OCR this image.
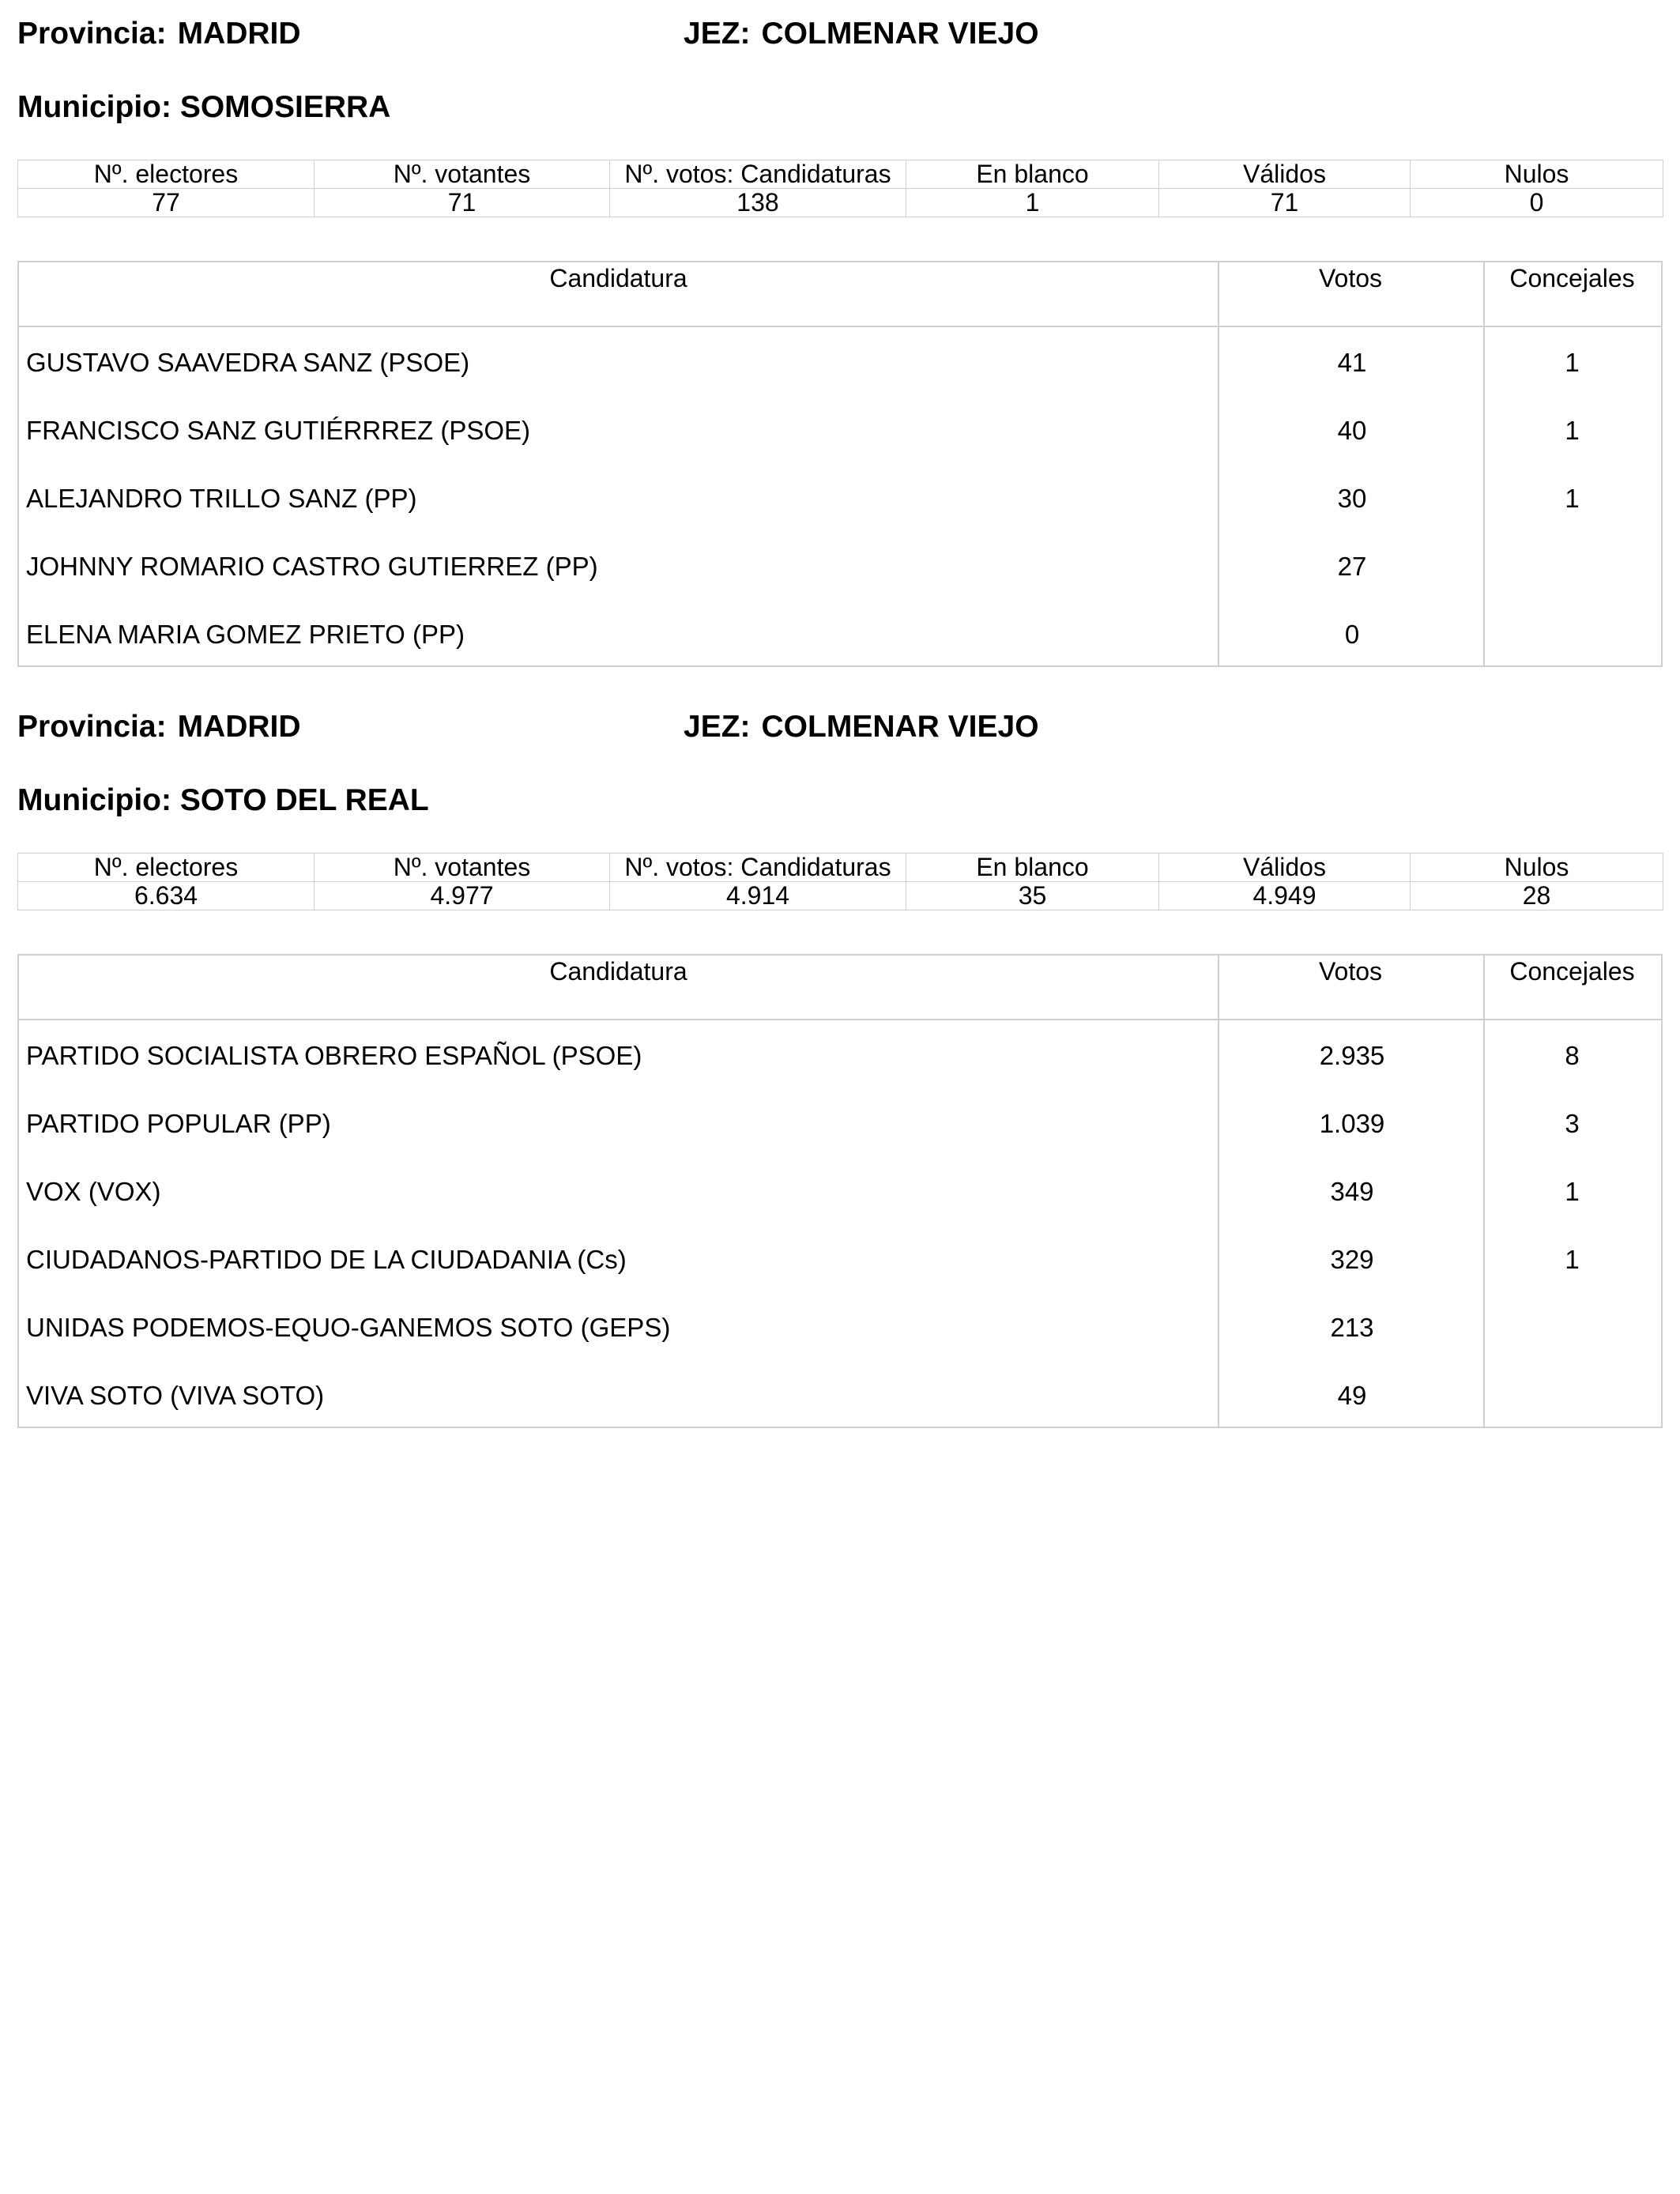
Provincia: MADRID	JEZ: COLMENAR VIEJO
Municipio: SOMOSIERRA
Nº. electores	Nº. votantes	Nº. votos: Candidaturas	En blanco	Válidos	Nulos
77	71	138	1	71	0
Candidatura	Votos	Concejales
GUSTAVO SAAVEDRA SANZ (PSOE)	41	1
FRANCISCO SANZ GUTIÉRRREZ (PSOE)	40	1
ALEJANDRO TRILLO SANZ (PP)	30	1
JOHNNY ROMARIO CASTRO GUTIERREZ (PP)	27
ELENA MARIA GOMEZ PRIETO (PP)	0
Provincia: MADRID	JEZ: COLMENAR VIEJO
Municipio: SOTO DEL REAL
Nº. electores	Nº. votantes	Nº. votos: Candidaturas	En blanco	Válidos	Nulos
6.634	4.977	4.914	35	4.949	28
Candidatura	Votos	Concejales
PARTIDO SOCIALISTA OBRERO ESPAÑOL (PSOE)	2.935	8
PARTIDO POPULAR (PP)	1.039	3
VOX (VOX)	349	1
CIUDADANOS-PARTIDO DE LA CIUDADANIA (Cs)	329	1
UNIDAS PODEMOS-EQUO-GANEMOS SOTO (GEPS)	213
VIVA SOTO (VIVA SOTO)	49
